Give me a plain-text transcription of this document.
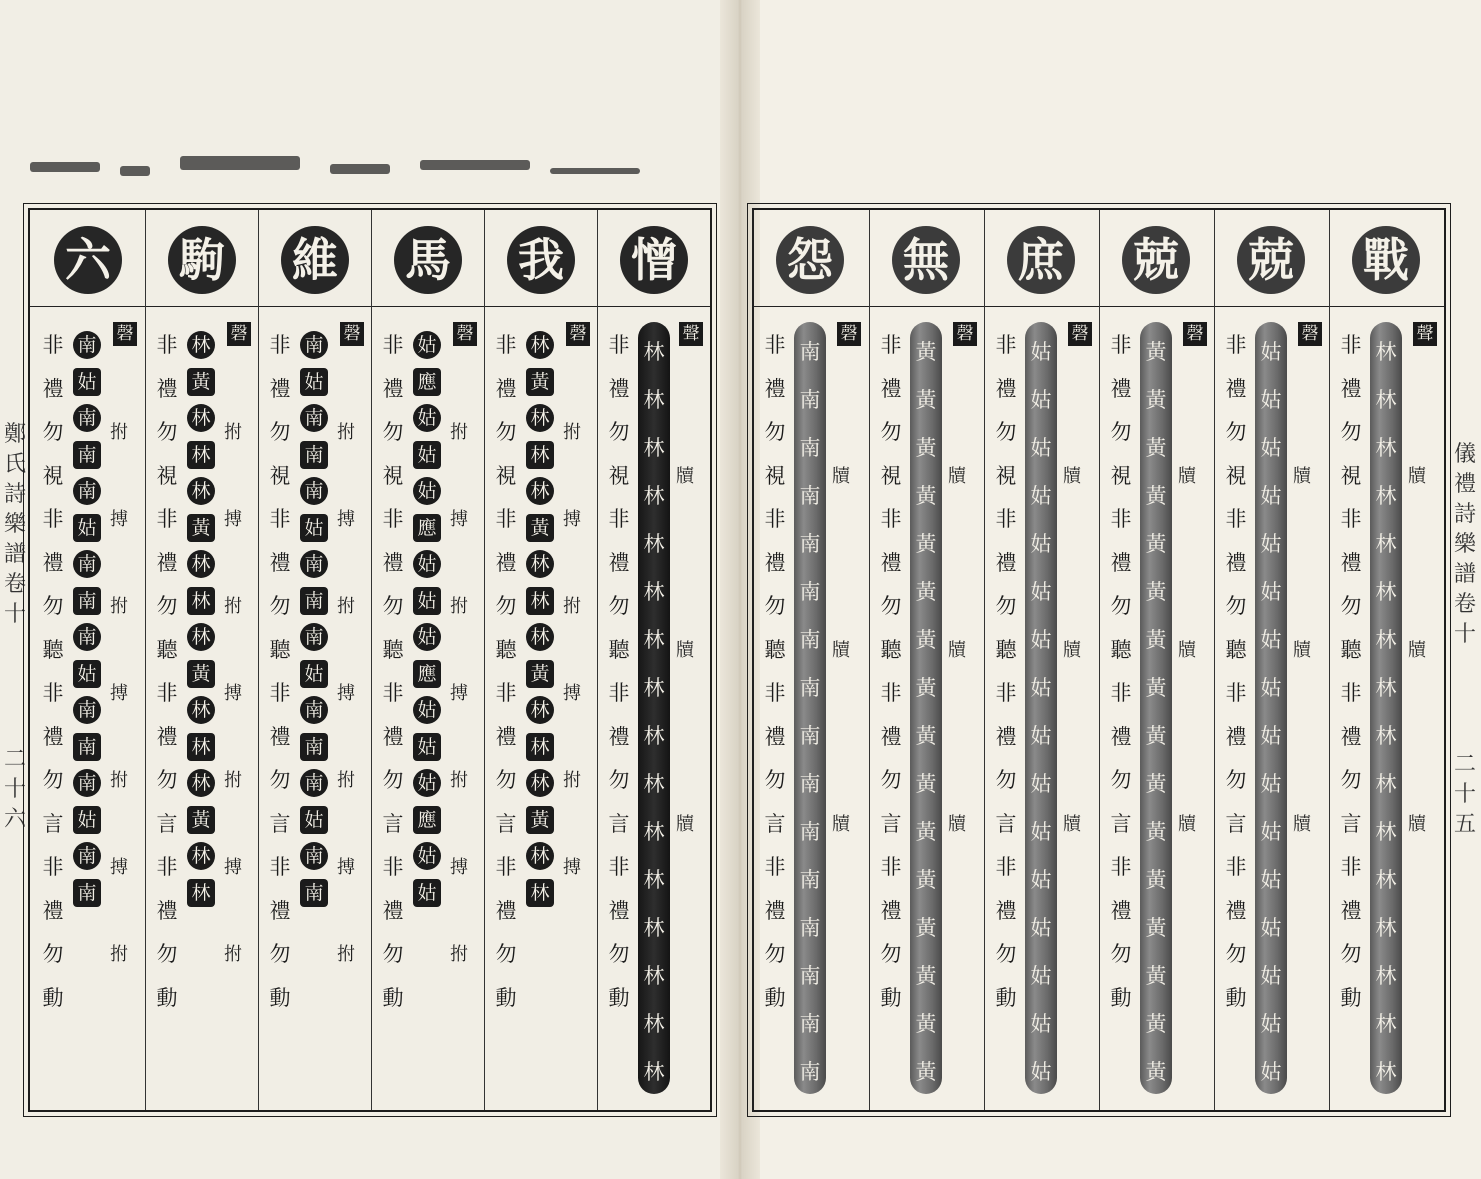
鄭氏詩樂譜卷十
二十六
儀禮詩樂譜卷十
二十五
憎
聲
非
禮
勿
視
非
禮
勿
聽
非
禮
勿
言
非
禮
勿
動
林
林
林
林
林
林
林
林
林
林
林
林
林
林
林
林
牘
牘
牘
我
磬
非
禮
勿
視
非
禮
勿
聽
非
禮
勿
言
非
禮
勿
動
林
黃
林
林
林
黃
林
林
林
黃
林
林
林
黃
林
林
拊
搏
拊
搏
拊
搏
馬
磬
非
禮
勿
視
非
禮
勿
聽
非
禮
勿
言
非
禮
勿
動
姑
應
姑
姑
姑
應
姑
姑
姑
應
姑
姑
姑
應
姑
姑
拊
搏
拊
搏
拊
搏
拊
維
磬
非
禮
勿
視
非
禮
勿
聽
非
禮
勿
言
非
禮
勿
動
南
姑
南
南
南
姑
南
南
南
姑
南
南
南
姑
南
南
拊
搏
拊
搏
拊
搏
拊
駒
磬
非
禮
勿
視
非
禮
勿
聽
非
禮
勿
言
非
禮
勿
動
林
黃
林
林
林
黃
林
林
林
黃
林
林
林
黃
林
林
拊
搏
拊
搏
拊
搏
拊
六
磬
非
禮
勿
視
非
禮
勿
聽
非
禮
勿
言
非
禮
勿
動
南
姑
南
南
南
姑
南
南
南
姑
南
南
南
姑
南
南
拊
搏
拊
搏
拊
搏
拊
戰
聲
非
禮
勿
視
非
禮
勿
聽
非
禮
勿
言
非
禮
勿
動
林
林
林
林
林
林
林
林
林
林
林
林
林
林
林
林
牘
牘
牘
兢
磬
非
禮
勿
視
非
禮
勿
聽
非
禮
勿
言
非
禮
勿
動
姑
姑
姑
姑
姑
姑
姑
姑
姑
姑
姑
姑
姑
姑
姑
姑
牘
牘
牘
兢
磬
非
禮
勿
視
非
禮
勿
聽
非
禮
勿
言
非
禮
勿
動
黃
黃
黃
黃
黃
黃
黃
黃
黃
黃
黃
黃
黃
黃
黃
黃
牘
牘
牘
庶
磬
非
禮
勿
視
非
禮
勿
聽
非
禮
勿
言
非
禮
勿
動
姑
姑
姑
姑
姑
姑
姑
姑
姑
姑
姑
姑
姑
姑
姑
姑
牘
牘
牘
無
磬
非
禮
勿
視
非
禮
勿
聽
非
禮
勿
言
非
禮
勿
動
黃
黃
黃
黃
黃
黃
黃
黃
黃
黃
黃
黃
黃
黃
黃
黃
牘
牘
牘
怨
磬
非
禮
勿
視
非
禮
勿
聽
非
禮
勿
言
非
禮
勿
動
南
南
南
南
南
南
南
南
南
南
南
南
南
南
南
南
牘
牘
牘
